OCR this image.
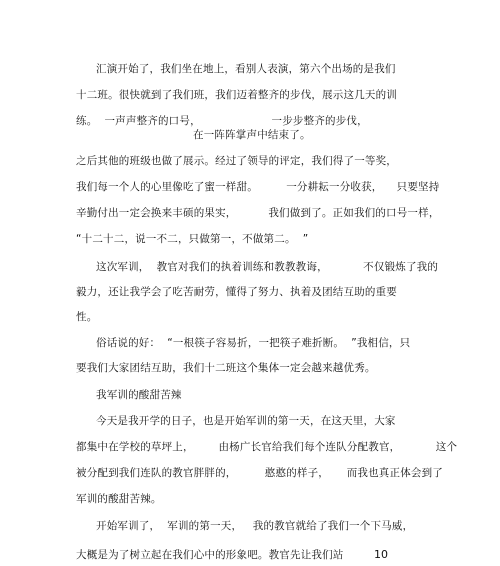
汇演开始了，我们坐在地上，看别人表演，第六个出场的是我们
十二班。很快就到了我们班，我们迈着整齐的步伐，展示这几天的训
练。  一声声整齐的口号，                    一步步整齐的步伐，
在一阵阵掌声中结束了。
之后其他的班级也做了展示。经过了领导的评定，我们得了一等奖，
我们每一个人的心里像吃了蜜一样甜。        一分耕耘一分收获，    只要坚持
辛勤付出一定会换来丰硕的果实，         我们做到了。正如我们的口号一样，
“十二十二，说一不二，只做第一，不做第二。  ”
这次军训，  教官对我们的执着训练和教教教诲，          不仅锻炼了我的
毅力，还让我学会了吃苦耐劳，懂得了努力、执着及团结互助的重要
性。
俗话说的好：  “一根筷子容易折，一把筷子难折断。  ”我相信，只
要我们大家团结互助，我们十二班这个集体一定会越来越优秀。
我军训的酸甜苦辣
今天是我开学的日子，也是开始军训的第一天，在这天里，大家
都集中在学校的草坪上，       由杨广长官给我们每个连队分配教官，          这个
被分配到我们连队的教官胖胖的，        憨憨的样子，     而我也真正体会到了
军训的酸甜苦辣。
开始军训了，  军训的第一天，   我的教官就给了我们一个下马威，
大概是为了树立起在我们心中的形象吧。教官先让我们站	10
